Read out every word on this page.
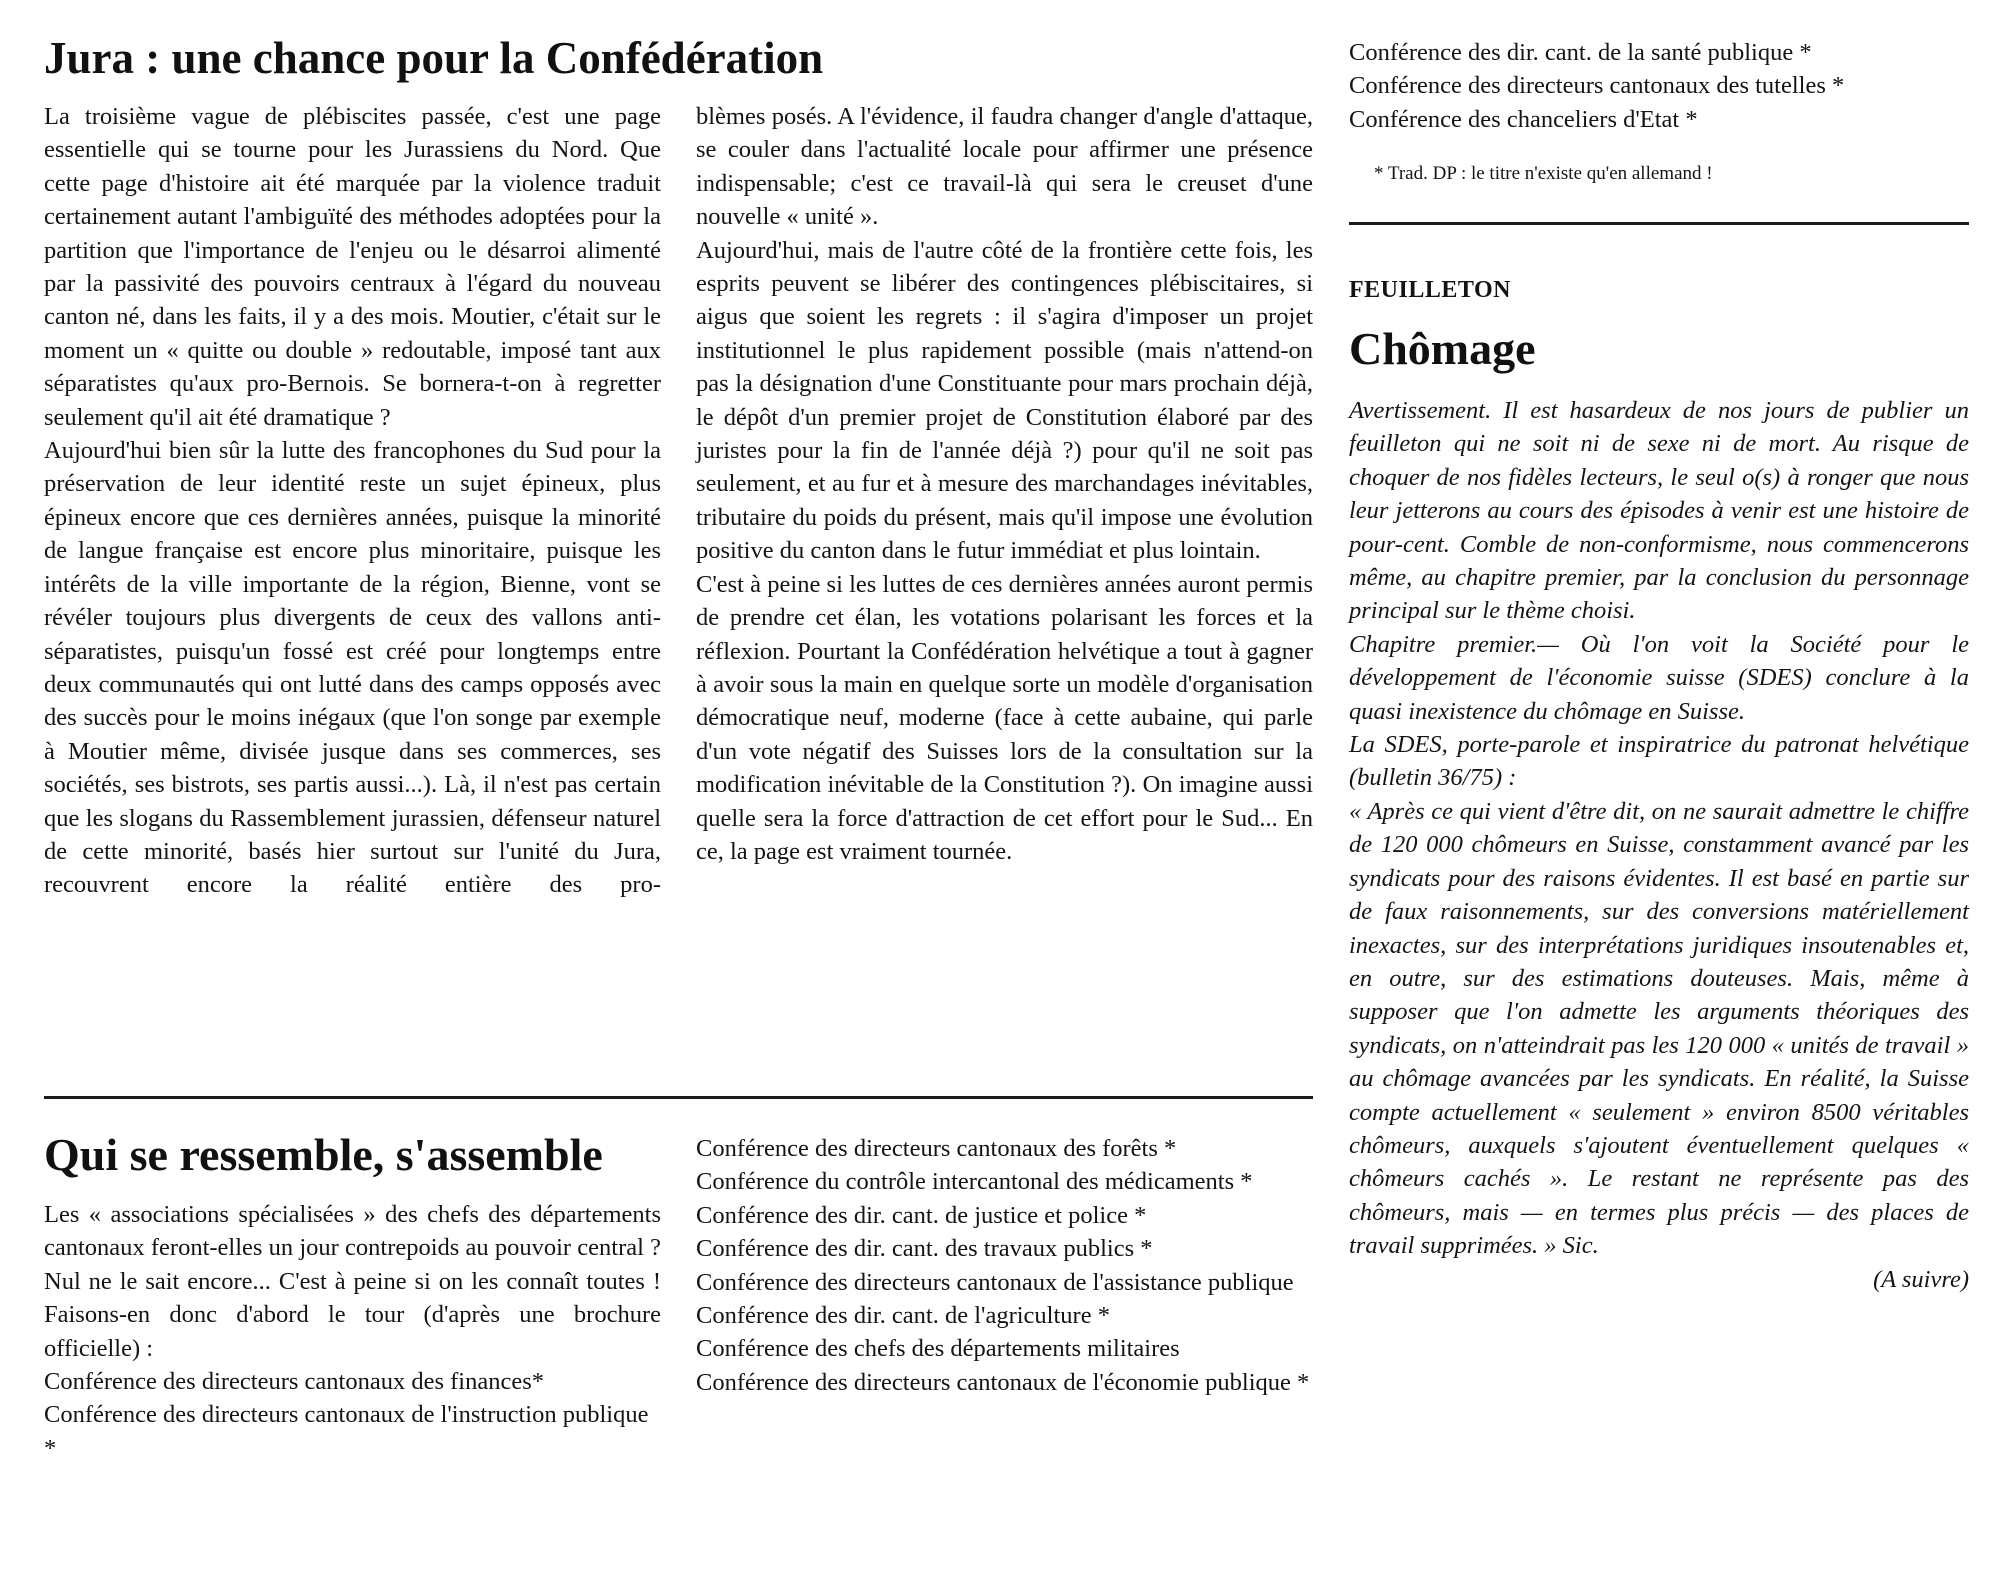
Jura : une chance pour la Confédération

La troisième vague de plébiscites passée, c'est une page essentielle qui se tourne pour les Jurassiens du Nord. Que cette page d'histoire ait été marquée par la violence traduit certainement autant l'ambiguïté des méthodes adoptées pour la partition que l'importance de l'enjeu ou le désarroi alimenté par la passivité des pouvoirs centraux à l'égard du nouveau canton né, dans les faits, il y a des mois. Moutier, c'était sur le moment un « quitte ou double » redoutable, imposé tant aux séparatistes qu'aux pro-Bernois. Se bornera-t-on à regretter seulement qu'il ait été dramatique ?

Aujourd'hui bien sûr la lutte des francophones du Sud pour la préservation de leur identité reste un sujet épineux, plus épineux encore que ces dernières années, puisque la minorité de langue française est encore plus minoritaire, puisque les intérêts de la ville importante de la région, Bienne, vont se révéler toujours plus divergents de ceux des vallons anti-séparatistes, puisqu'un fossé est créé pour longtemps entre deux communautés qui ont lutté dans des camps opposés avec des succès pour le moins inégaux (que l'on songe par exemple à Moutier même, divisée jusque dans ses commerces, ses sociétés, ses bistrots, ses partis aussi...). Là, il n'est pas certain que les slogans du Rassemblement jurassien, défenseur naturel de cette minorité, basés hier surtout sur l'unité du Jura, recouvrent encore la réalité entière des pro-

blèmes posés. A l'évidence, il faudra changer d'angle d'attaque, se couler dans l'actualité locale pour affirmer une présence indispensable; c'est ce travail-là qui sera le creuset d'une nouvelle « unité ».

Aujourd'hui, mais de l'autre côté de la frontière cette fois, les esprits peuvent se libérer des contingences plébiscitaires, si aigus que soient les regrets : il s'agira d'imposer un projet institutionnel le plus rapidement possible (mais n'attend-on pas la désignation d'une Constituante pour mars prochain déjà, le dépôt d'un premier projet de Constitution élaboré par des juristes pour la fin de l'année déjà ?) pour qu'il ne soit pas seulement, et au fur et à mesure des marchandages inévitables, tributaire du poids du présent, mais qu'il impose une évolution positive du canton dans le futur immédiat et plus lointain.

C'est à peine si les luttes de ces dernières années auront permis de prendre cet élan, les votations polarisant les forces et la réflexion. Pourtant la Confédération helvétique a tout à gagner à avoir sous la main en quelque sorte un modèle d'organisation démocratique neuf, moderne (face à cette aubaine, qui parle d'un vote négatif des Suisses lors de la consultation sur la modification inévitable de la Constitution ?). On imagine aussi quelle sera la force d'attraction de cet effort pour le Sud... En ce, la page est vraiment tournée.

Qui se ressemble, s'assemble

Les « associations spécialisées » des chefs des départements cantonaux feront-elles un jour contrepoids au pouvoir central ? Nul ne le sait encore... C'est à peine si on les connaît toutes ! Faisons-en donc d'abord le tour (d'après une brochure officielle) :

Conférence des directeurs cantonaux des finances*

Conférence des directeurs cantonaux de l'instruction publique *

Conférence des directeurs cantonaux des forêts *

Conférence du contrôle intercantonal des médicaments *

Conférence des dir. cant. de justice et police *

Conférence des dir. cant. des travaux publics *

Conférence des directeurs cantonaux de l'assistance publique

Conférence des dir. cant. de l'agriculture *

Conférence des chefs des départements militaires

Conférence des directeurs cantonaux de l'économie publique *

Conférence des dir. cant. de la santé publique *

Conférence des directeurs cantonaux des tutelles *

Conférence des chanceliers d'Etat *

* Trad. DP : le titre n'existe qu'en allemand !

FEUILLETON

Chômage

Avertissement. Il est hasardeux de nos jours de publier un feuilleton qui ne soit ni de sexe ni de mort. Au risque de choquer de nos fidèles lecteurs, le seul o(s) à ronger que nous leur jetterons au cours des épisodes à venir est une histoire de pour-cent. Comble de non-conformisme, nous commencerons même, au chapitre premier, par la conclusion du personnage principal sur le thème choisi.

Chapitre premier.— Où l'on voit la Société pour le développement de l'économie suisse (SDES) conclure à la quasi inexistence du chômage en Suisse.

La SDES, porte-parole et inspiratrice du patronat helvétique (bulletin 36/75) :

« Après ce qui vient d'être dit, on ne saurait admettre le chiffre de 120 000 chômeurs en Suisse, constamment avancé par les syndicats pour des raisons évidentes. Il est basé en partie sur de faux raisonnements, sur des conversions matériellement inexactes, sur des interprétations juridiques insoutenables et, en outre, sur des estimations douteuses. Mais, même à supposer que l'on admette les arguments théoriques des syndicats, on n'atteindrait pas les 120 000 « unités de travail » au chômage avancées par les syndicats. En réalité, la Suisse compte actuellement « seulement » environ 8500 véritables chômeurs, auxquels s'ajoutent éventuellement quelques « chômeurs cachés ». Le restant ne représente pas des chômeurs, mais — en termes plus précis — des places de travail supprimées. » Sic.

(A suivre)
